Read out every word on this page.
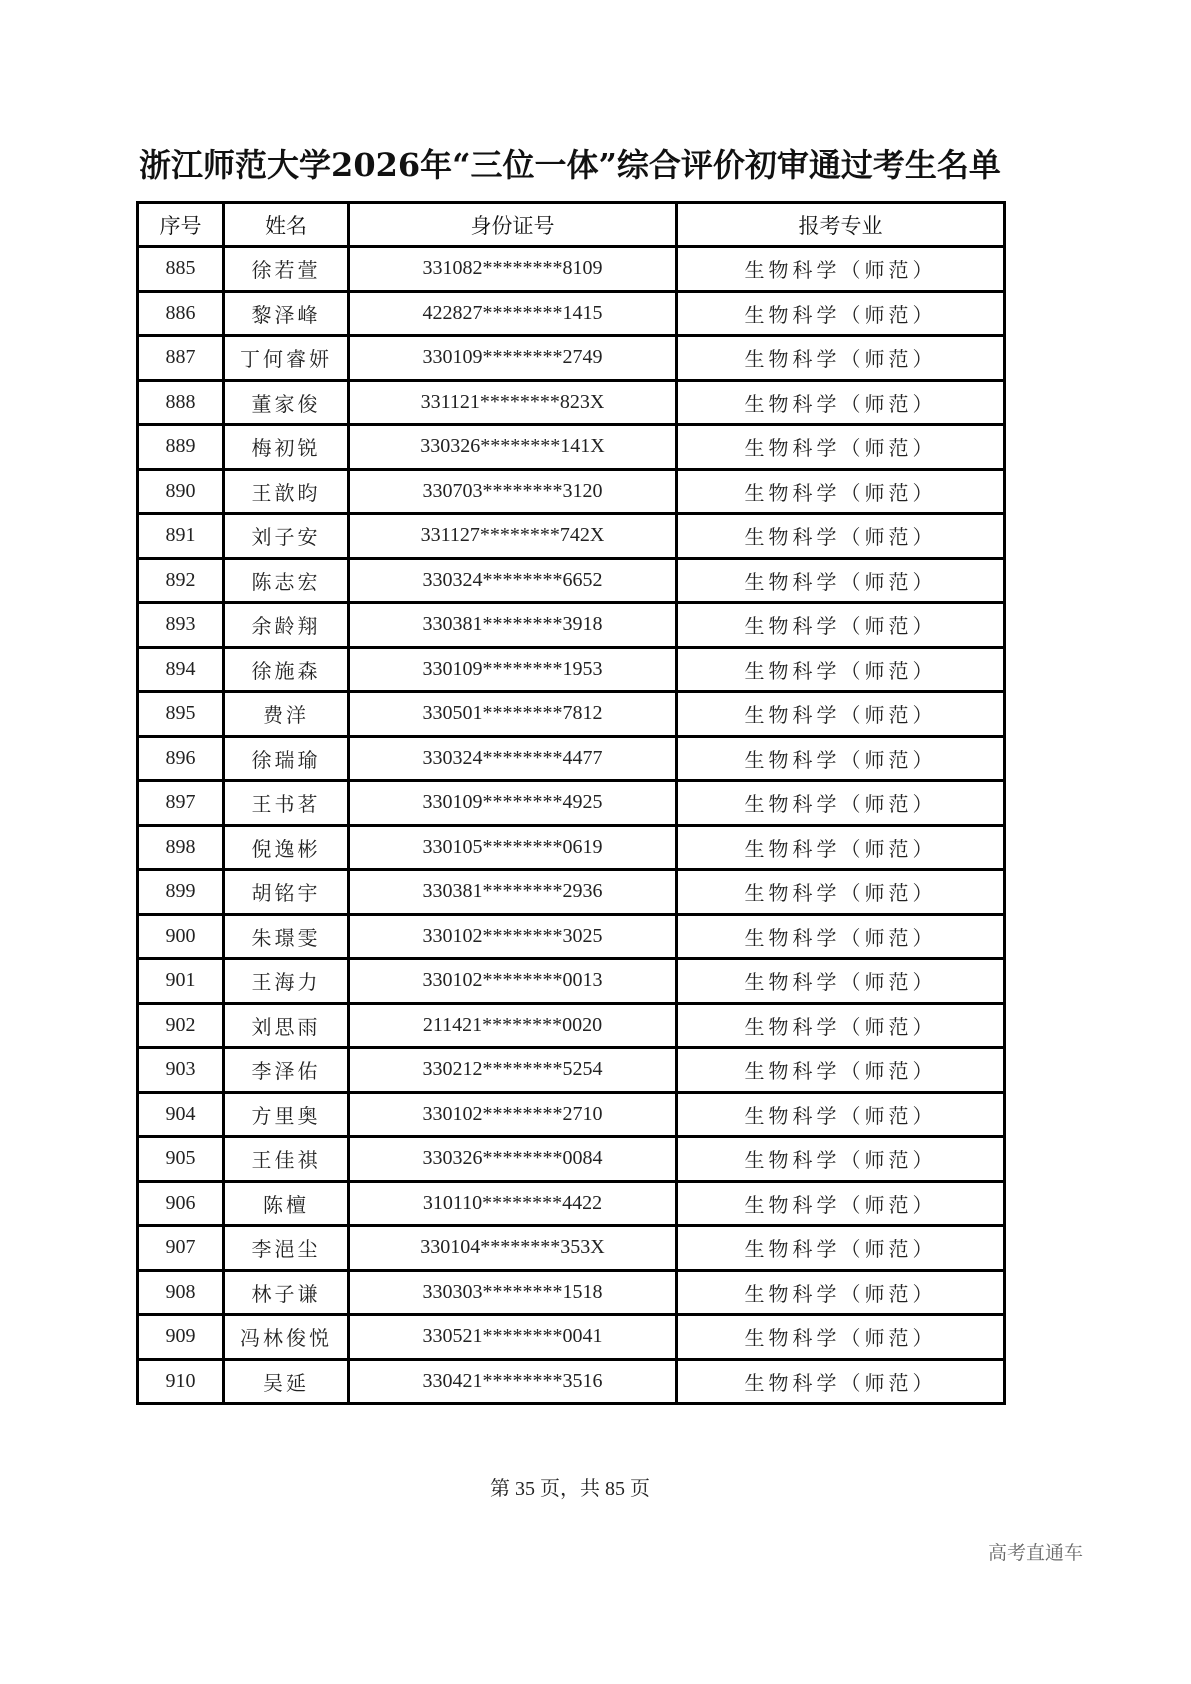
浙江师范大学2026年“三位一体”综合评价初审通过考生名单
序号	姓名	身份证号	报考专业
885	徐若萱	331082********8109	生物科学（师范）
886	黎泽峰	422827********1415	生物科学（师范）
887	丁何睿妍	330109********2749	生物科学（师范）
888	董家俊	331121********823X	生物科学（师范）
889	梅初锐	330326********141X	生物科学（师范）
890	王歆昀	330703********3120	生物科学（师范）
891	刘子安	331127********742X	生物科学（师范）
892	陈志宏	330324********6652	生物科学（师范）
893	余龄翔	330381********3918	生物科学（师范）
894	徐施森	330109********1953	生物科学（师范）
895	费洋	330501********7812	生物科学（师范）
896	徐瑞瑜	330324********4477	生物科学（师范）
897	王书茗	330109********4925	生物科学（师范）
898	倪逸彬	330105********0619	生物科学（师范）
899	胡铭宇	330381********2936	生物科学（师范）
900	朱璟雯	330102********3025	生物科学（师范）
901	王海力	330102********0013	生物科学（师范）
902	刘思雨	211421********0020	生物科学（师范）
903	李泽佑	330212********5254	生物科学（师范）
904	方里奥	330102********2710	生物科学（师范）
905	王佳祺	330326********0084	生物科学（师范）
906	陈檀	310110********4422	生物科学（师范）
907	李浥尘	330104********353X	生物科学（师范）
908	林子谦	330303********1518	生物科学（师范）
909	冯林俊悦	330521********0041	生物科学（师范）
910	吴延	330421********3516	生物科学（师范）
第 35 页，共 85 页
高考直通车
